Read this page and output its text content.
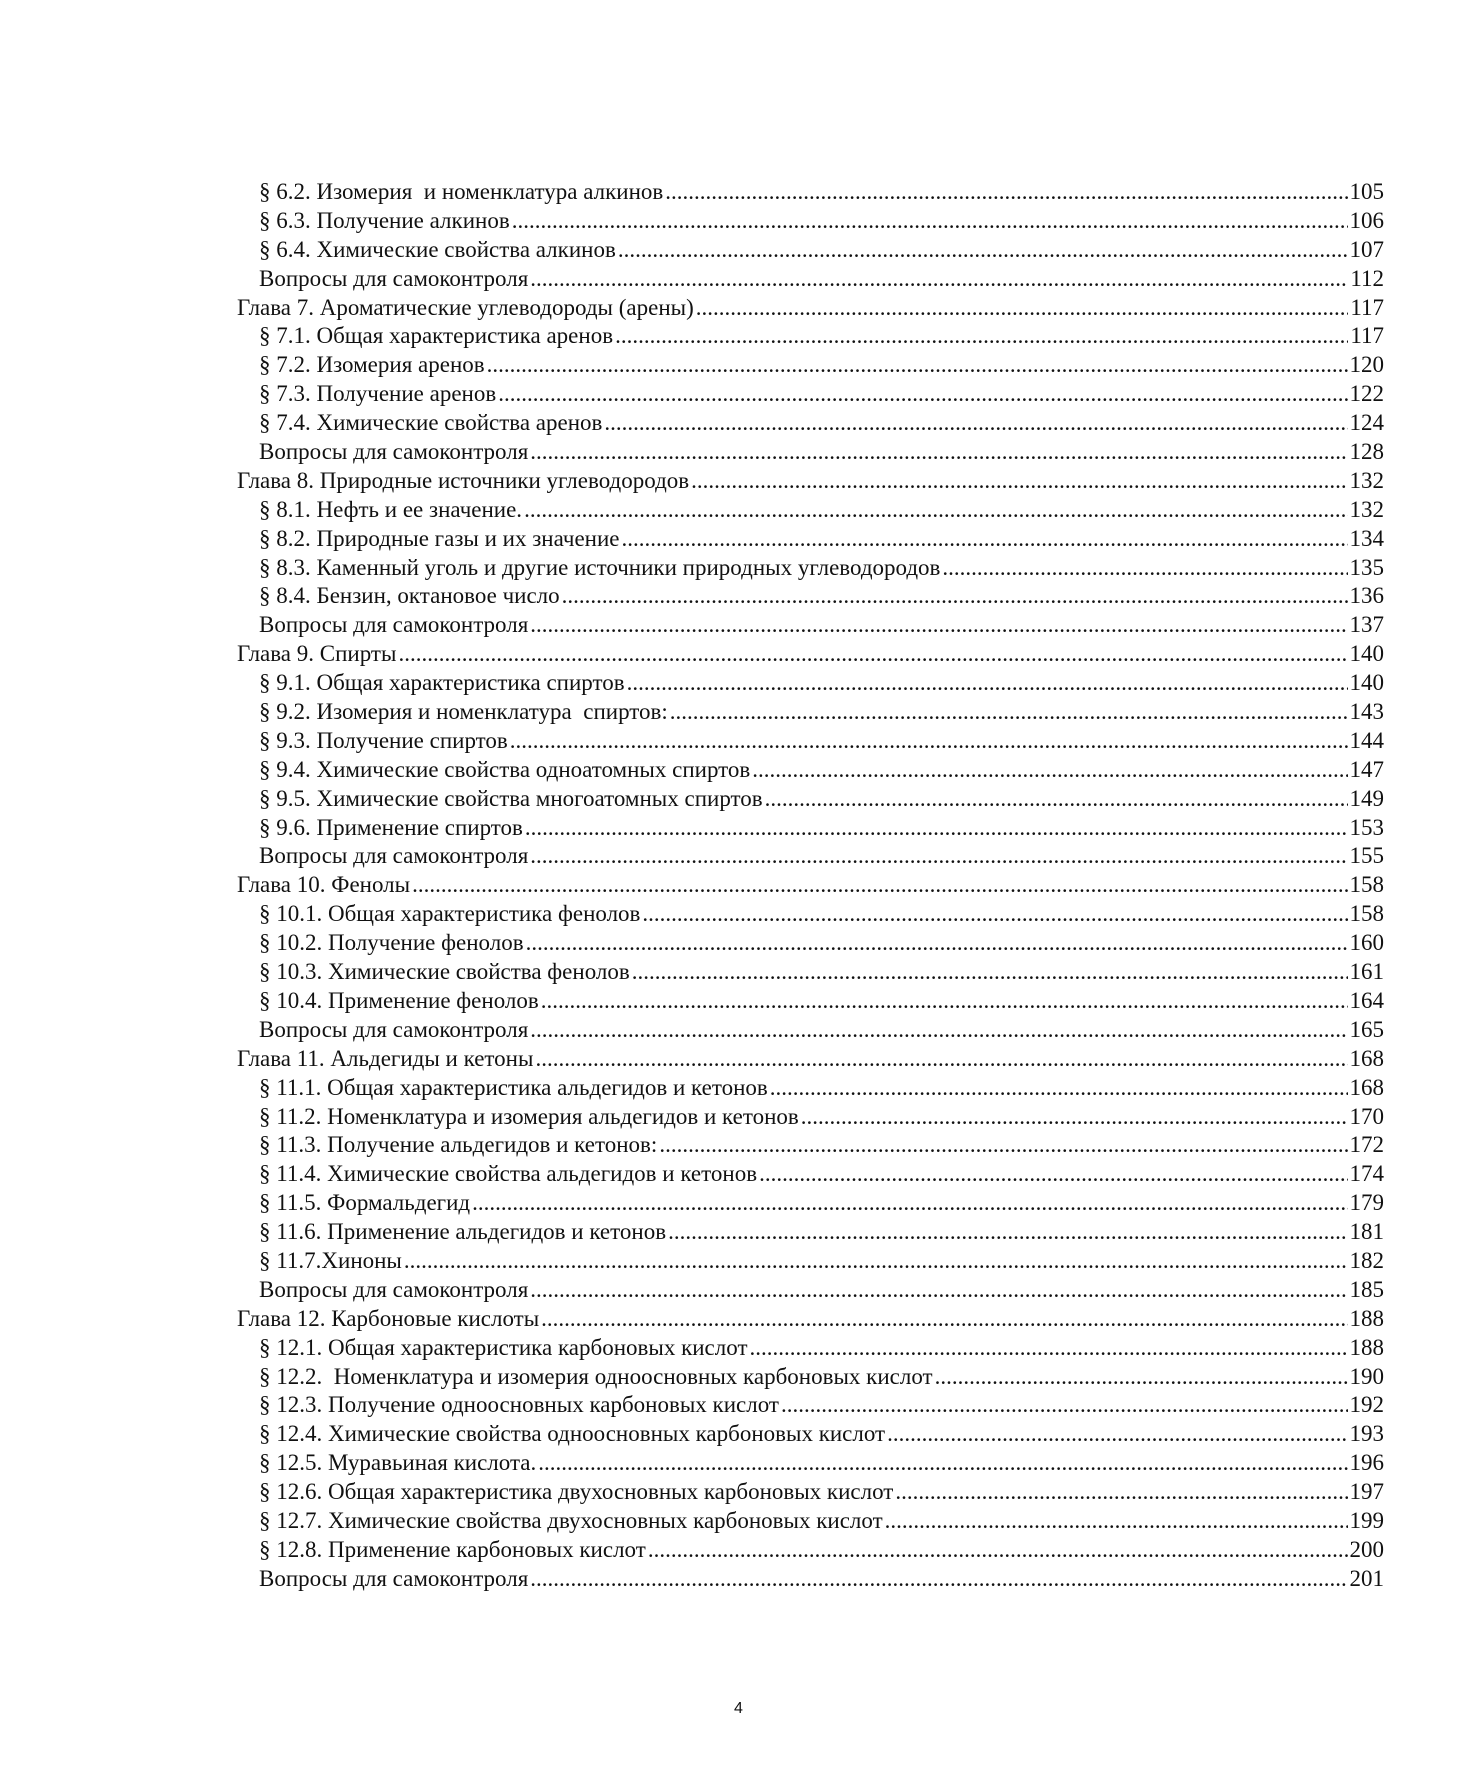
§ 6.2. Изомерия  и номенклатура алкинов .....	105
§ 6.3. Получение алкинов .....	106
§ 6.4. Химические свойства алкинов .....	107
Вопросы для самоконтроля .....	112
Глава 7. Ароматические углеводороды (арены) .....	117
§ 7.1. Общая характеристика аренов .....	117
§ 7.2. Изомерия аренов .....	120
§ 7.3. Получение аренов .....	122
§ 7.4. Химические свойства аренов .....	124
Вопросы для самоконтроля .....	128
Глава 8. Природные источники углеводородов .....	132
§ 8.1. Нефть и ее значение. .....	132
§ 8.2. Природные газы и их значение .....	134
§ 8.3. Каменный уголь и другие источники природных углеводородов .....	135
§ 8.4. Бензин, октановое число .....	136
Вопросы для самоконтроля .....	137
Глава 9. Спирты .....	140
§ 9.1. Общая характеристика спиртов .....	140
§ 9.2. Изомерия и номенклатура  спиртов: .....	143
§ 9.3. Получение спиртов .....	144
§ 9.4. Химические свойства одноатомных спиртов .....	147
§ 9.5. Химические свойства многоатомных спиртов .....	149
§ 9.6. Применение спиртов .....	153
Вопросы для самоконтроля .....	155
Глава 10. Фенолы .....	158
§ 10.1. Общая характеристика фенолов .....	158
§ 10.2. Получение фенолов .....	160
§ 10.3. Химические свойства фенолов .....	161
§ 10.4. Применение фенолов .....	164
Вопросы для самоконтроля .....	165
Глава 11. Альдегиды и кетоны .....	168
§ 11.1. Общая характеристика альдегидов и кетонов .....	168
§ 11.2. Номенклатура и изомерия альдегидов и кетонов .....	170
§ 11.3. Получение альдегидов и кетонов: .....	172
§ 11.4. Химические свойства альдегидов и кетонов .....	174
§ 11.5. Формальдегид .....	179
§ 11.6. Применение альдегидов и кетонов .....	181
§ 11.7.Хиноны .....	182
Вопросы для самоконтроля .....	185
Глава 12. Карбоновые кислоты .....	188
§ 12.1. Общая характеристика карбоновых кислот .....	188
§ 12.2.  Номенклатура и изомерия одноосновных карбоновых кислот .....	190
§ 12.3. Получение одноосновных карбоновых кислот .....	192
§ 12.4. Химические свойства одноосновных карбоновых кислот .....	193
§ 12.5. Муравьиная кислота. .....	196
§ 12.6. Общая характеристика двухосновных карбоновых кислот .....	197
§ 12.7. Химические свойства двухосновных карбоновых кислот .....	199
§ 12.8. Применение карбоновых кислот .....	200
Вопросы для самоконтроля .....	201
4
